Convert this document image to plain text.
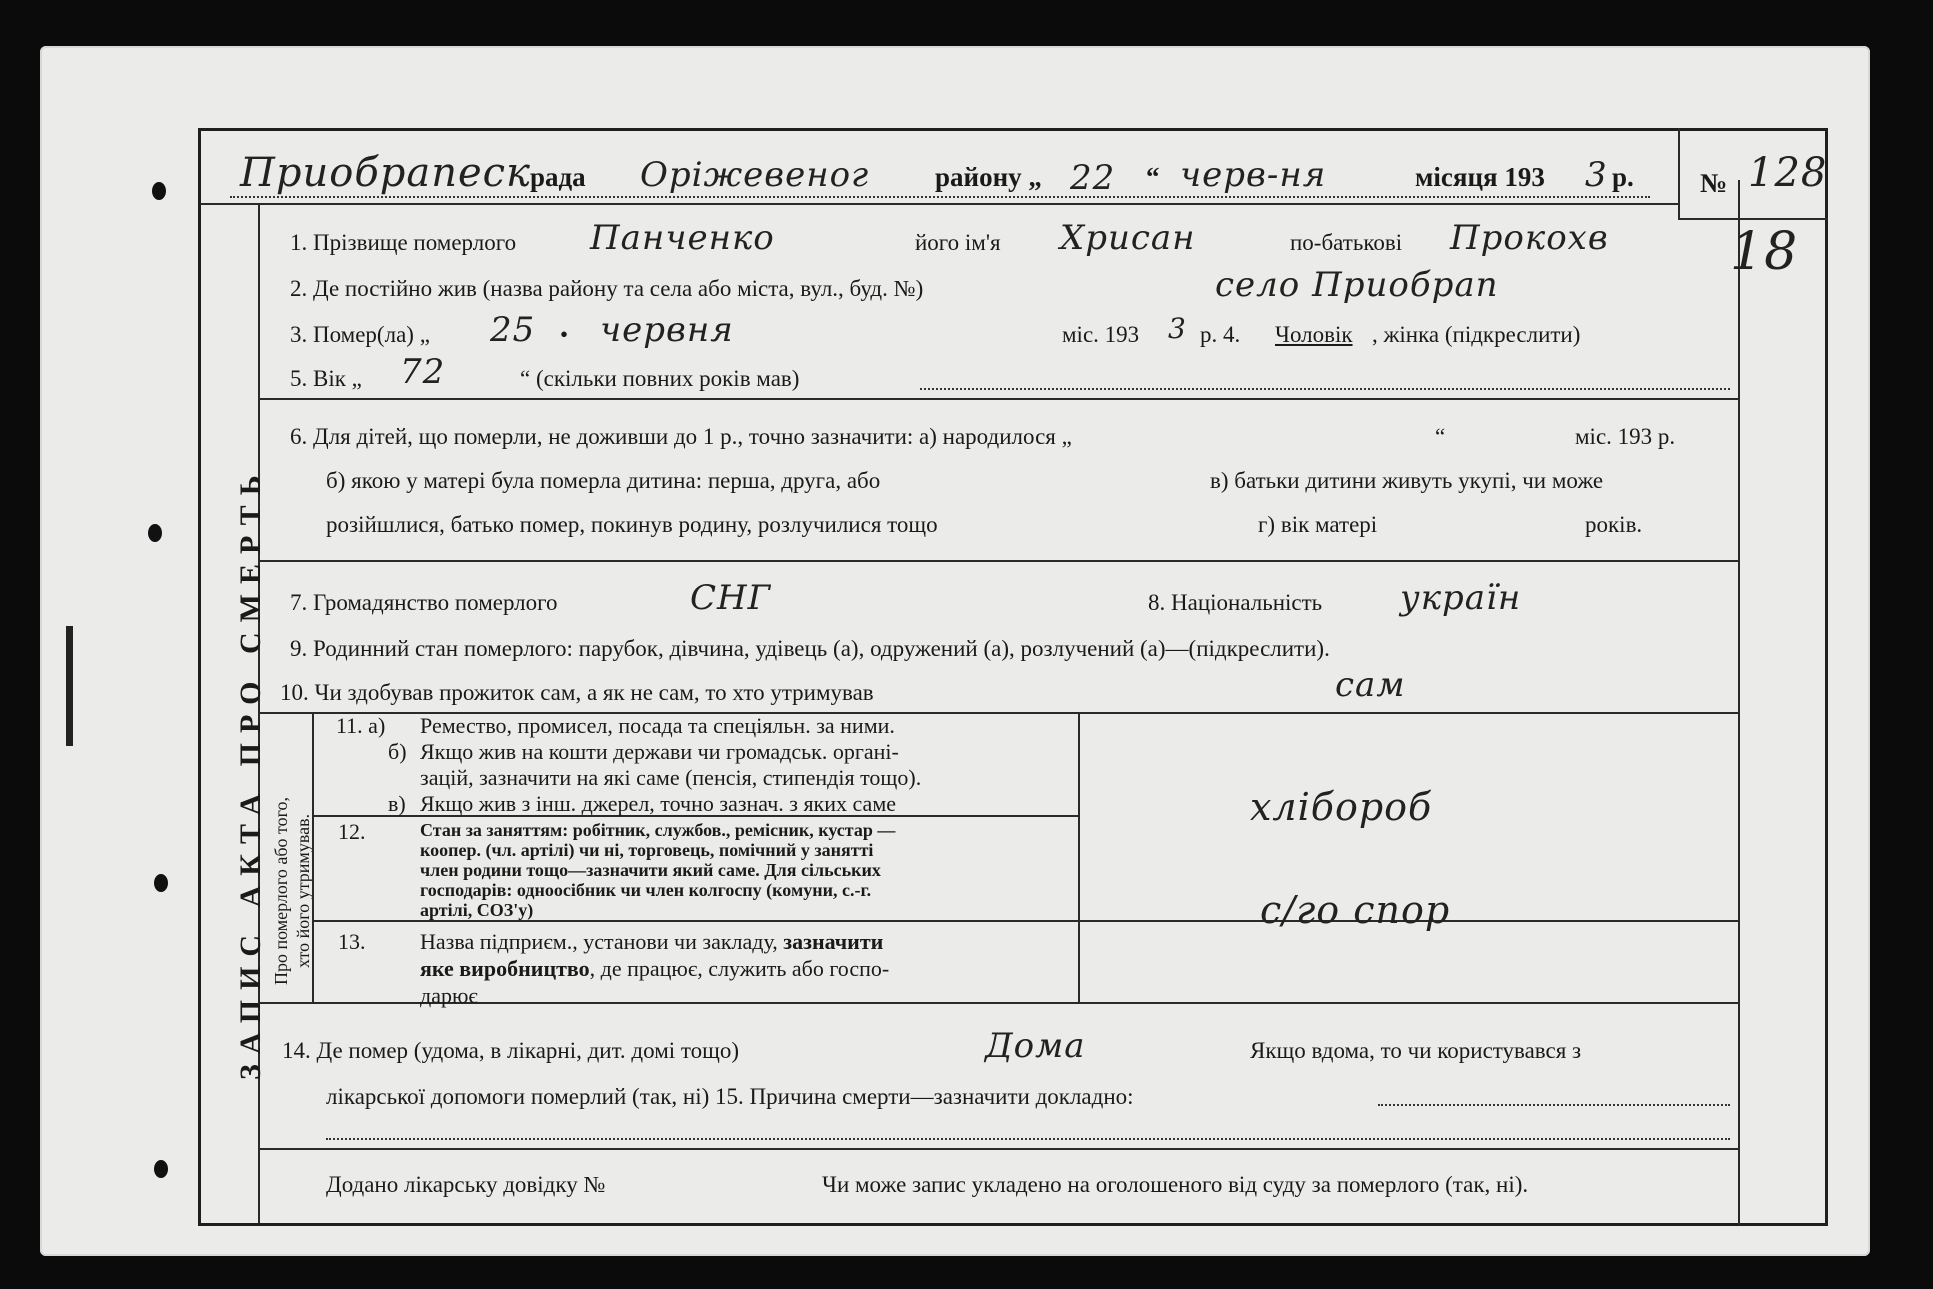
Приобрапеск рада Оріжевеног району „ 22 “ черв-ня	місяця 193 3 р. № 128
18
ЗАПИС АКТА ПРО СМЕРТЬ Про померлого або того, хто його утримував.
1. Прізвище померлого Панченко	його ім'я Хрисан	по-батькові Прокохв
2. Де постійно жив (назва району та села або міста, вул., буд. №)	село Приобрап
3. Помер(ла) „ 25 • червня	міс. 193 3 р. 4. Чоловік , жінка (підкреслити)
5. Вік „ 72	“ (скільки повних років мав)
6. Для дітей, що померли, не доживши до 1 р., точно зазначити: а) народилося „	“	міс. 193 р.
б) якою у матері була померла дитина: перша, друга, або	в) батьки дитини живуть укупі, чи може
розійшлися, батько помер, покинув родину, розлучилися тощо	г) вік матері	років.
7. Громадянство померлого	СНГ	8. Національність україн
9. Родинний стан померлого: парубок, дівчина, удівець (а), одружений (а), розлучений (а)—(підкреслити).
10. Чи здобував прожиток сам, а як не сам, то хто утримував	сам
11. а) Ремество, промисел, посада та спеціяльн. за ними.
б) Якщо жив на кошти держави чи громадськ. органі-
зацій, зазначити на які саме (пенсія, стипендія тощо).
в) Якщо жив з інш. джерел, точно зазнач. з яких саме	хлібороб
12.	Стан за заняттям: робітник, службов., ремісник, кустар —
коопер. (чл. артілі) чи ні, торговець, помічний у занятті
член родини тощо—зазначити який саме. Для сільських
господарів: одноосібник чи член колгоспу (комуни, с.-г.
артілі, СОЗ'у)	с/го спор
13. Назва підприєм., установи чи закладу, зазначити
яке виробництво, де працює, служить або госпо-
дарює
14. Де помер (удома, в лікарні, дит. домі тощо)	Дома	Якщо вдома, то чи користувався з
лікарської допомоги померлий (так, ні) 15. Причина смерти—зазначити докладно:
Додано лікарську довідку №	Чи може запис укладено на оголошеного від суду за померлого (так, ні).
